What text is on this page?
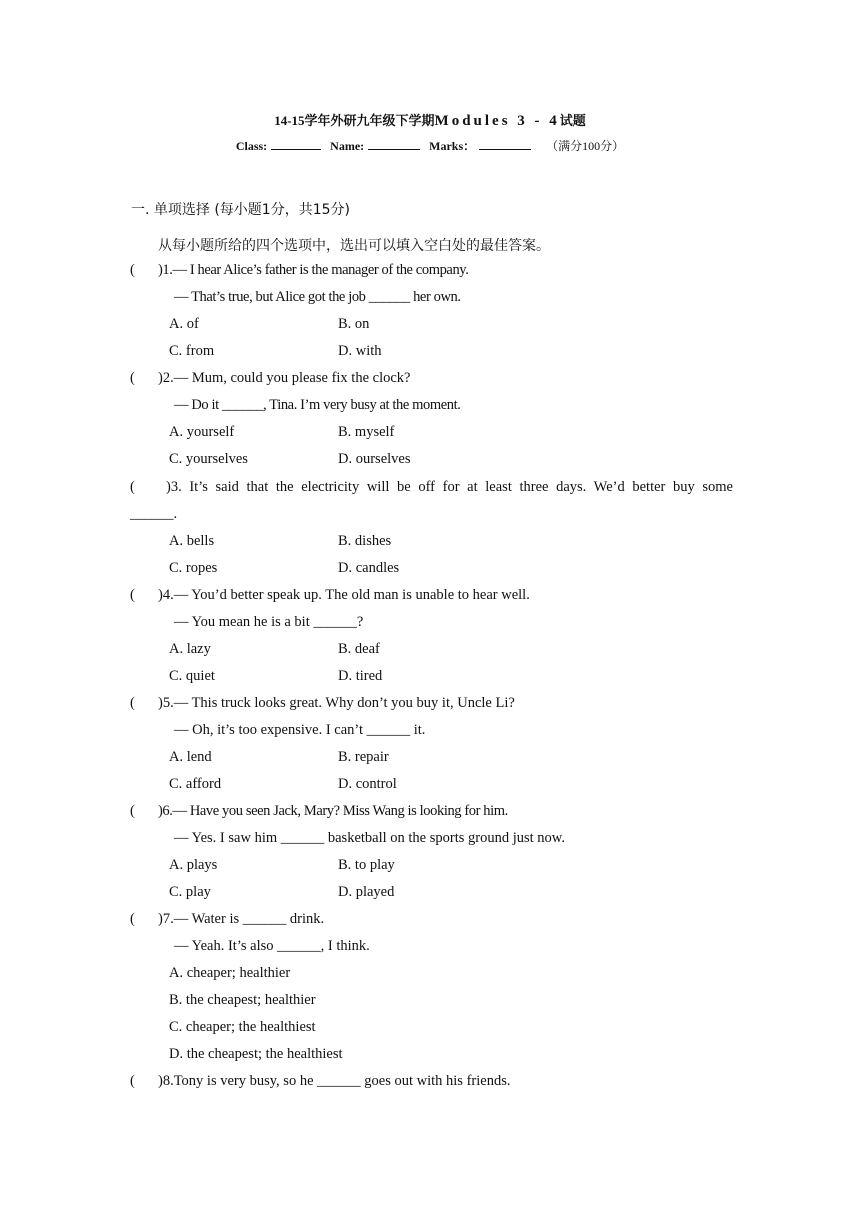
14-15学年外研九年级下学期Modules 3 - 4试题
Class:	Name:	Marks：	（满分100分）
一. 单项选择 (每小题1分，共15分)
从每小题所给的四个选项中，选出可以填入空白处的最佳答案。
( )1.— I hear Alice’s father is the manager of the company.
— That’s true, but Alice got the job ______ her own.
A. of	B. on
C. from	D. with
( )2.— Mum, could you please fix the clock?
— Do it ______, Tina. I’m very busy at the moment.
A. yourself	B. myself
C. yourselves	D. ourselves
( )3. It’s said that the electricity will be off for at least three days. We’d better buy some
______.
A. bells	B. dishes
C. ropes	D. candles
( )4.— You’d better speak up. The old man is unable to hear well.
— You mean he is a bit ______?
A. lazy	B. deaf
C. quiet	D. tired
( )5.— This truck looks great. Why don’t you buy it, Uncle Li?
— Oh, it’s too expensive. I can’t ______ it.
A. lend	B. repair
C. afford	D. control
( )6.— Have you seen Jack, Mary? Miss Wang is looking for him.
— Yes. I saw him ______ basketball on the sports ground just now.
A. plays	B. to play
C. play	D. played
( )7.— Water is ______ drink.
— Yeah. It’s also ______, I think.
A. cheaper; healthier
B. the cheapest; healthier
C. cheaper; the healthiest
D. the cheapest; the healthiest
( )8.Tony is very busy, so he ______ goes out with his friends.
